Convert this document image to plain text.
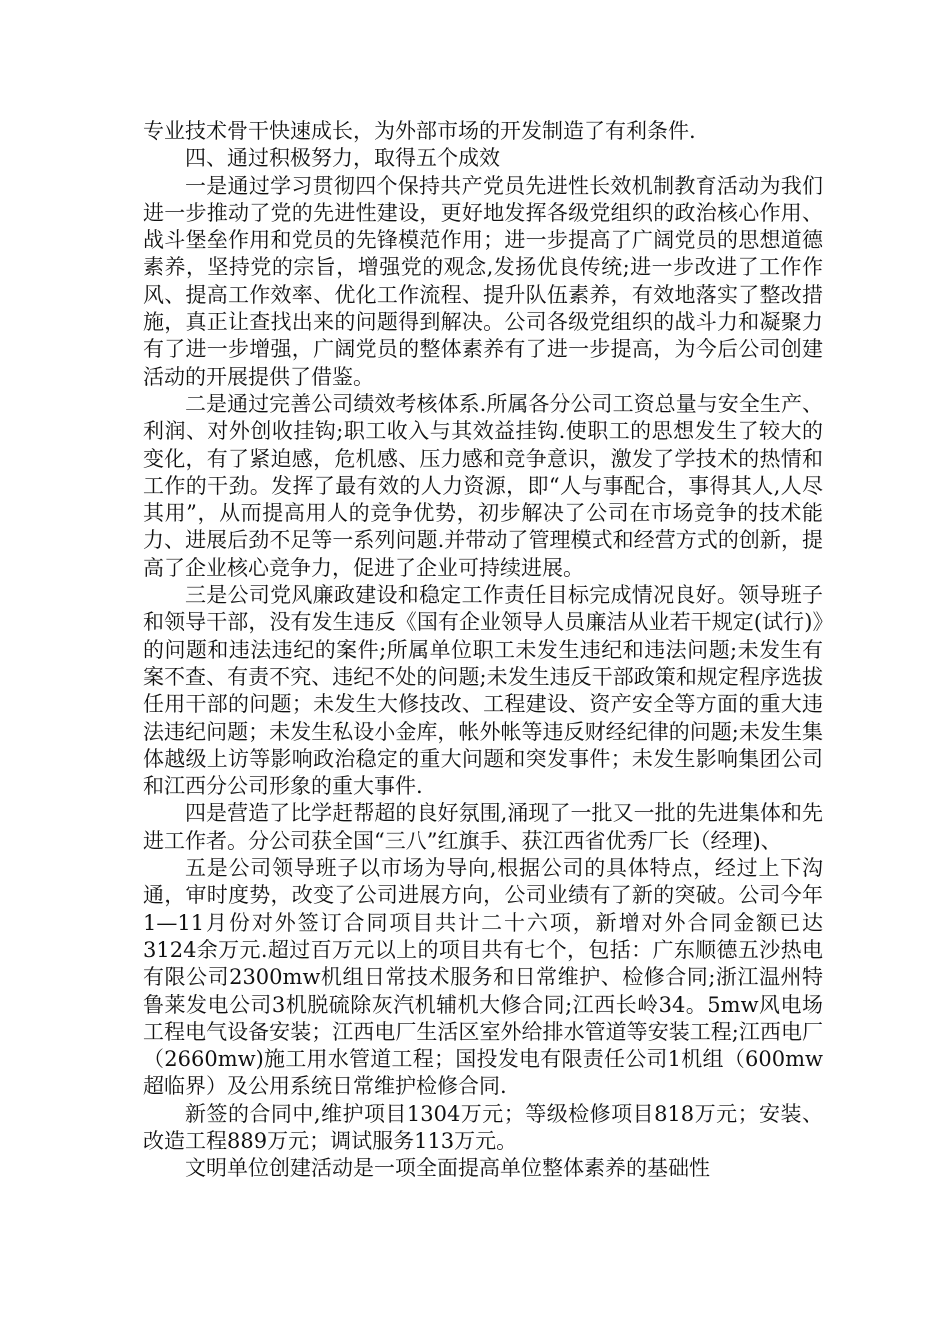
专业技术骨干快速成长，为外部市场的开发制造了有利条件.

四、通过积极努力，取得五个成效

一是通过学习贯彻四个保持共产党员先进性长效机制教育活动为我们进一步推动了党的先进性建设，更好地发挥各级党组织的政治核心作用、战斗堡垒作用和党员的先锋模范作用；进一步提高了广阔党员的思想道德素养，坚持党的宗旨，增强党的观念,发扬优良传统;进一步改进了工作作风、提高工作效率、优化工作流程、提升队伍素养，有效地落实了整改措施，真正让查找出来的问题得到解决。公司各级党组织的战斗力和凝聚力有了进一步增强，广阔党员的整体素养有了进一步提高，为今后公司创建活动的开展提供了借鉴。

二是通过完善公司绩效考核体系.所属各分公司工资总量与安全生产、利润、对外创收挂钩;职工收入与其效益挂钩.使职工的思想发生了较大的变化，有了紧迫感，危机感、压力感和竞争意识，激发了学技术的热情和工作的干劲。发挥了最有效的人力资源，即“人与事配合，事得其人,人尽其用”，从而提高用人的竞争优势，初步解决了公司在市场竞争的技术能力、进展后劲不足等一系列问题.并带动了管理模式和经营方式的创新，提高了企业核心竞争力，促进了企业可持续进展。

三是公司党风廉政建设和稳定工作责任目标完成情况良好。领导班子和领导干部，没有发生违反《国有企业领导人员廉洁从业若干规定(试行)》的问题和违法违纪的案件;所属单位职工未发生违纪和违法问题;未发生有案不查、有责不究、违纪不处的问题;未发生违反干部政策和规定程序选拔任用干部的问题；未发生大修技改、工程建设、资产安全等方面的重大违法违纪问题；未发生私设小金库，帐外帐等违反财经纪律的问题;未发生集体越级上访等影响政治稳定的重大问题和突发事件；未发生影响集团公司和江西分公司形象的重大事件.

四是营造了比学赶帮超的良好氛围,涌现了一批又一批的先进集体和先进工作者。分公司获全国“三八”红旗手、获江西省优秀厂长（经理)、

五是公司领导班子以市场为导向,根据公司的具体特点，经过上下沟通，审时度势，改变了公司进展方向，公司业绩有了新的突破。公司今年1—11月份对外签订合同项目共计二十六项，新增对外合同金额已达3124余万元.超过百万元以上的项目共有七个，包括：广东顺德五沙热电有限公司2300mw机组日常技术服务和日常维护、检修合同;浙江温州特鲁莱发电公司3机脱硫除灰汽机辅机大修合同;江西长岭34。5mw风电场工程电气设备安装；江西电厂生活区室外给排水管道等安装工程;江西电厂（2660mw)施工用水管道工程；国投发电有限责任公司1机组（600mw超临界）及公用系统日常维护检修合同.

新签的合同中,维护项目1304万元；等级检修项目818万元；安装、改造工程889万元；调试服务113万元。

文明单位创建活动是一项全面提高单位整体素养的基础性
